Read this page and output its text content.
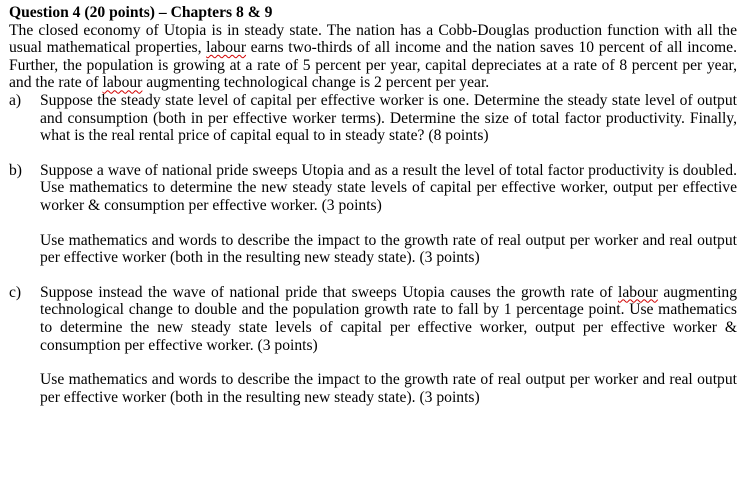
Question 4 (20 points) – Chapters 8 & 9

The closed economy of Utopia is in steady state. The nation has a Cobb-Douglas production function with all the usual mathematical properties, labour earns two-thirds of all income and the nation saves 10 percent of all income. Further, the population is growing at a rate of 5 percent per year, capital depreciates at a rate of 8 percent per year, and the rate of labour augmenting technological change is 2 percent per year.

a)	Suppose the steady state level of capital per effective worker is one. Determine the steady state level of output and consumption (both in per effective worker terms). Determine the size of total factor productivity. Finally, what is the real rental price of capital equal to in steady state? (8 points)
b)	Suppose a wave of national pride sweeps Utopia and as a result the level of total factor productivity is doubled. Use mathematics to determine the new steady state levels of capital per effective worker, output per effective worker & consumption per effective worker. (3 points)

Use mathematics and words to describe the impact to the growth rate of real output per worker and real output per effective worker (both in the resulting new steady state). (3 points)

c)	Suppose instead the wave of national pride that sweeps Utopia causes the growth rate of labour augmenting technological change to double and the population growth rate to fall by 1 percentage point. Use mathematics to determine the new steady state levels of capital per effective worker, output per effective worker & consumption per effective worker. (3 points)

Use mathematics and words to describe the impact to the growth rate of real output per worker and real output per effective worker (both in the resulting new steady state). (3 points)
